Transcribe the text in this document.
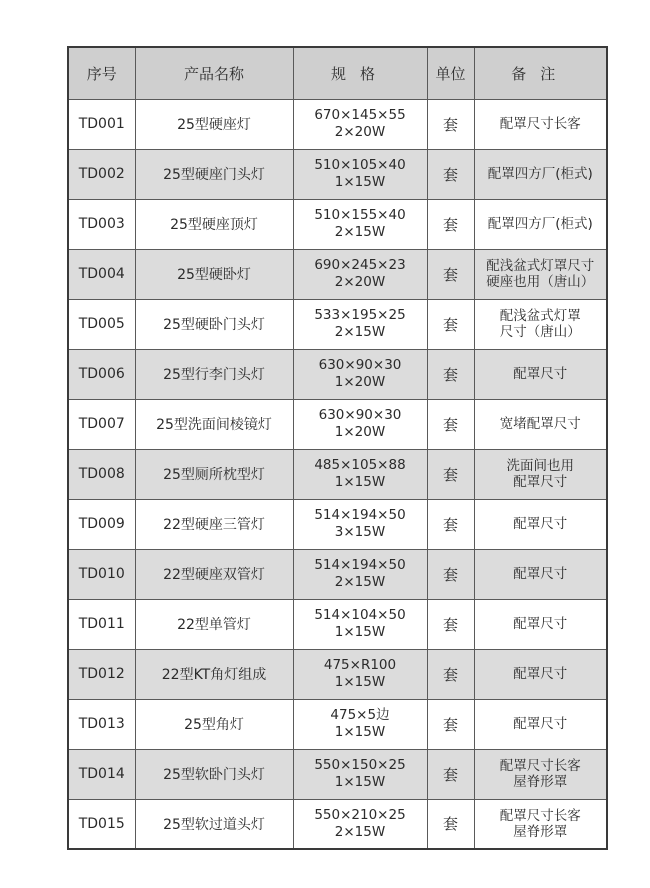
序号	产品名称	规格	单位	备注
TD001	25型硬座灯	670×145×55
2×20W	套	配罩尺寸长客

TD002	25型硬座门头灯	510×105×40
1×15W	套	配罩四方厂(柜式)

TD003	25型硬座顶灯	510×155×40
2×15W	套	配罩四方厂(柜式)

TD004	25型硬卧灯	690×245×23
2×20W	套	配浅盆式灯罩尺寸
硬座也用（唐山）

TD005	25型硬卧门头灯	533×195×25
2×15W	套	配浅盆式灯罩
尺寸（唐山）

TD006	25型行李门头灯	630×90×30
1×20W	套	配罩尺寸

TD007	25型洗面间棱镜灯	630×90×30
1×20W	套	宽堵配罩尺寸

TD008	25型厕所枕型灯	485×105×88
1×15W	套	洗面间也用
配罩尺寸

TD009	22型硬座三管灯	514×194×50
3×15W	套	配罩尺寸

TD010	22型硬座双管灯	514×194×50
2×15W	套	配罩尺寸

TD011	22型单管灯	514×104×50
1×15W	套	配罩尺寸

TD012	22型KT角灯组成	475×R100
1×15W	套	配罩尺寸

TD013	25型角灯	475×5边
1×15W	套	配罩尺寸

TD014	25型软卧门头灯	550×150×25
1×15W	套	配罩尺寸长客
屋脊形罩

TD015	25型软过道头灯	550×210×25
2×15W	套	配罩尺寸长客
屋脊形罩
